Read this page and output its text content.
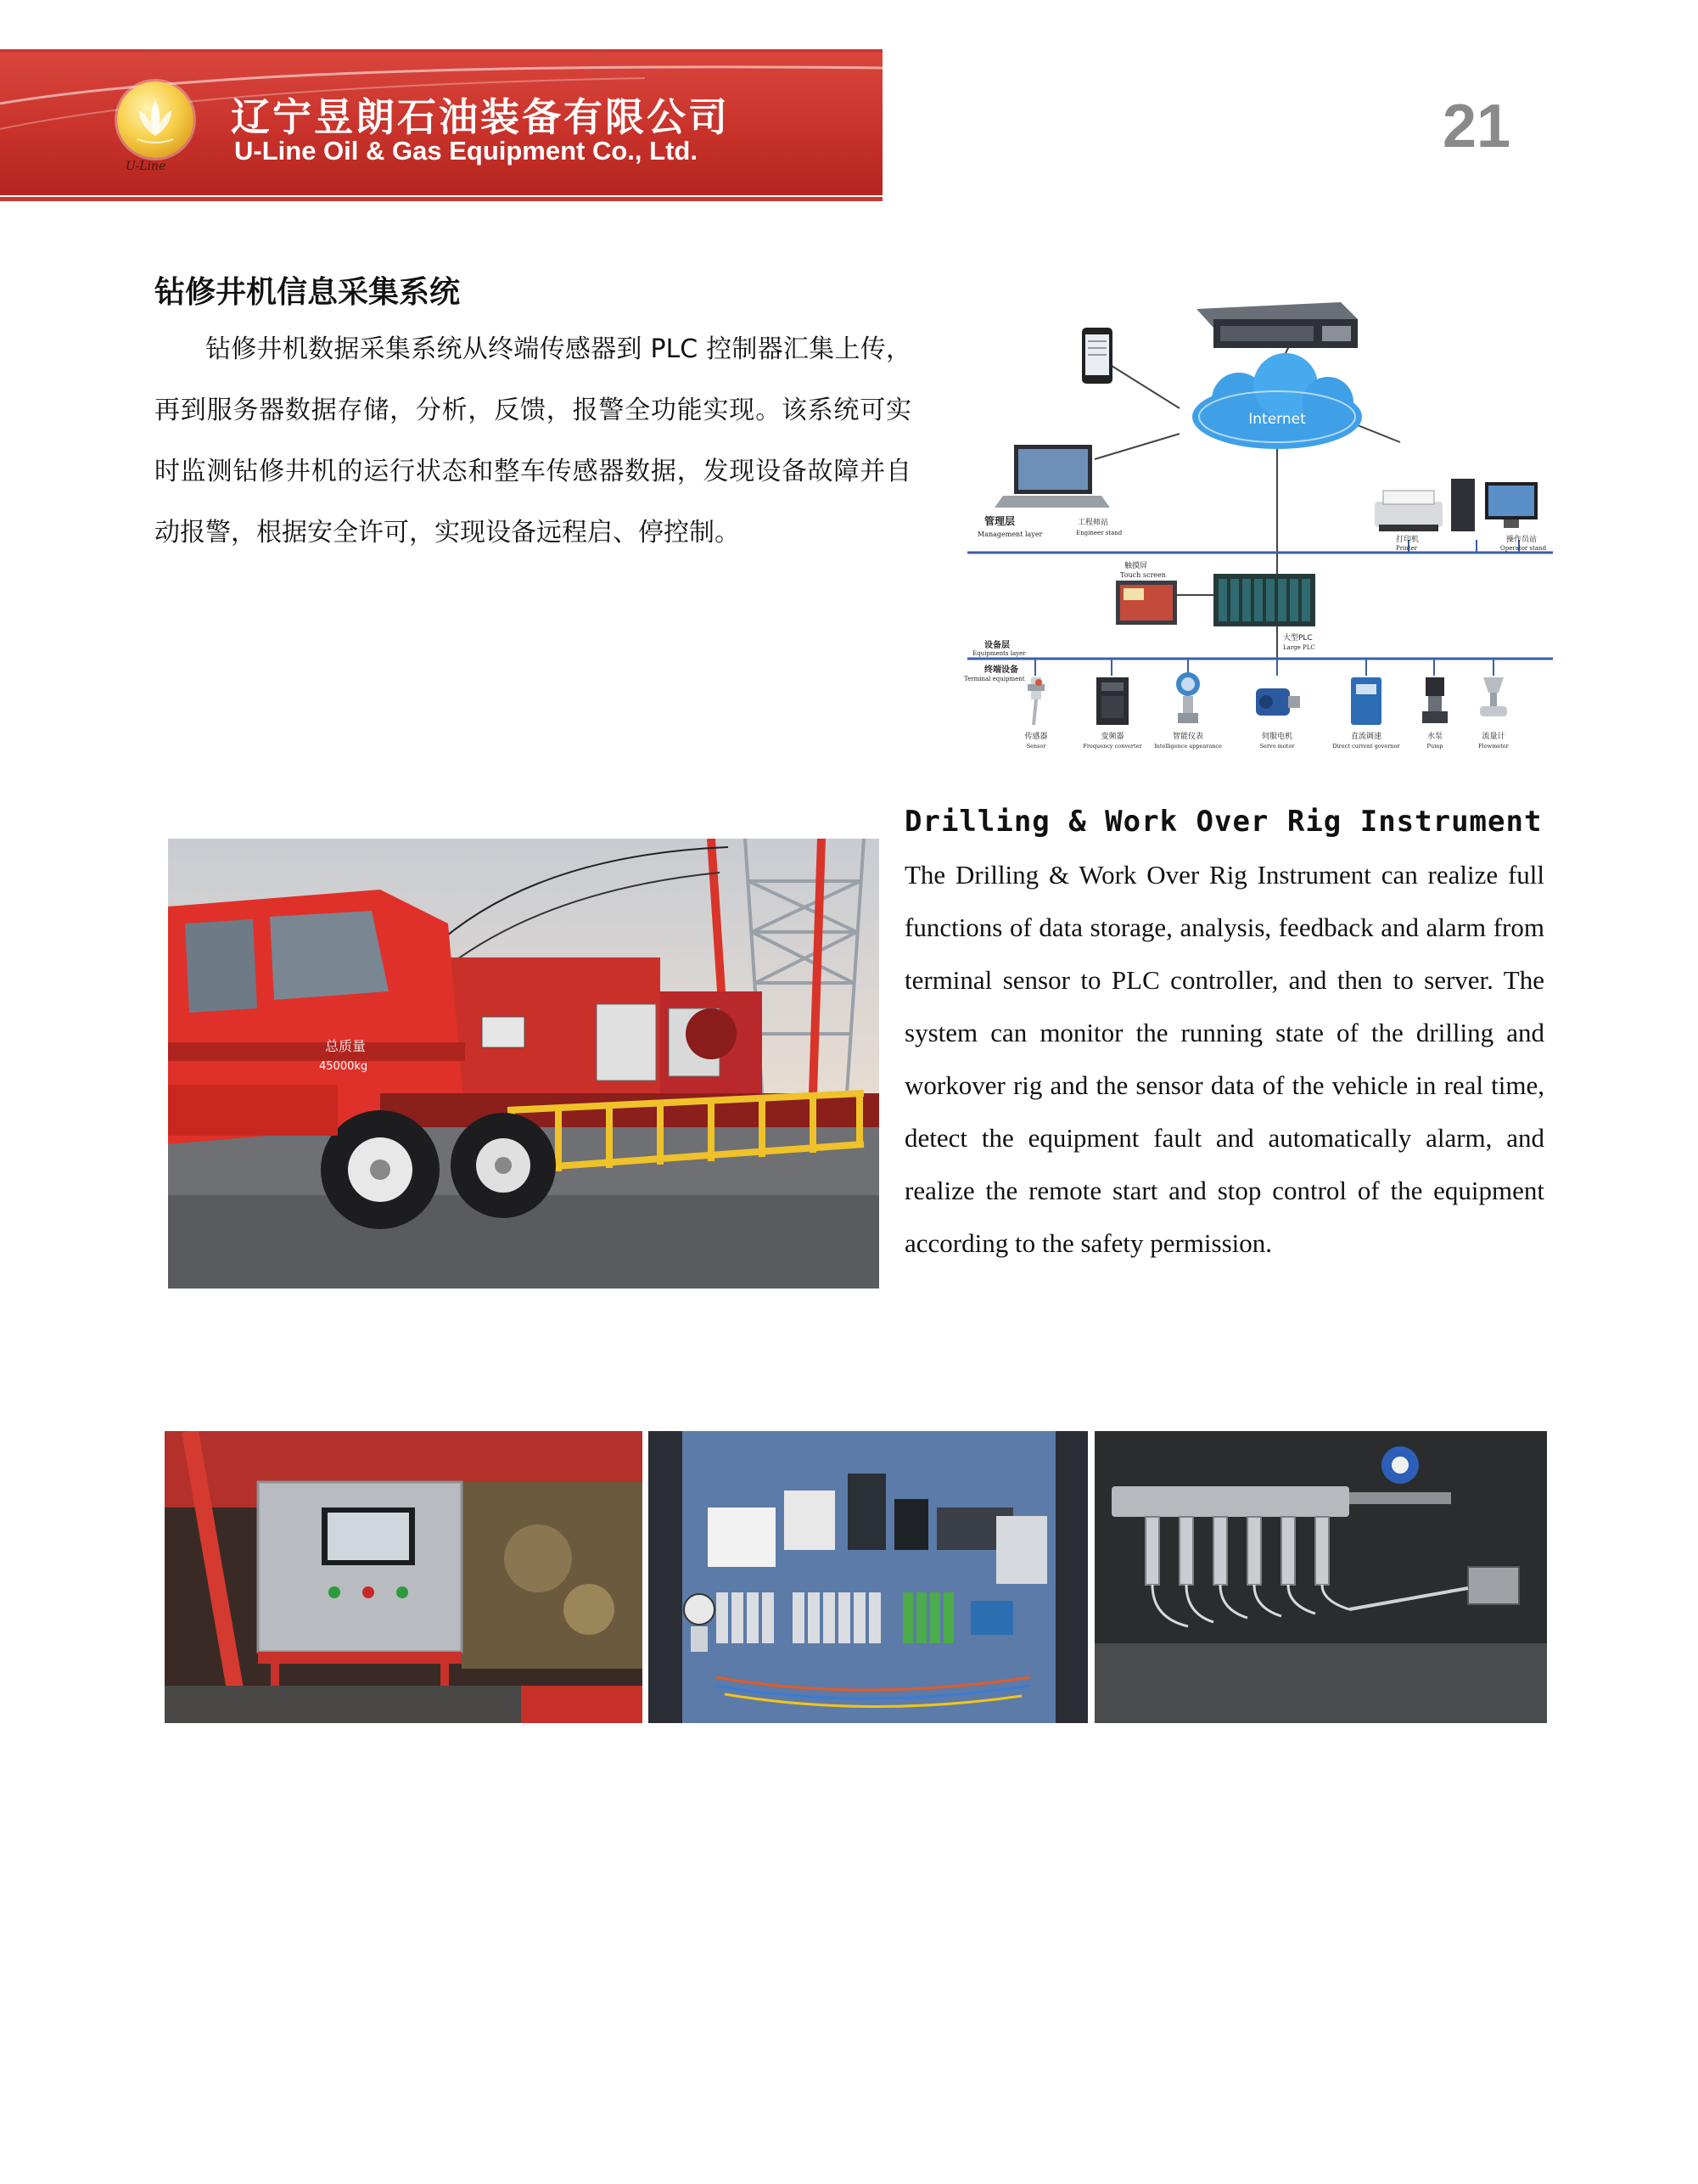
U-Line
辽宁昱朗石油装备有限公司
U-Line Oil & Gas Equipment Co., Ltd.	21
钻修井机信息采集系统

钻修井机数据采集系统从终端传感器到 PLC 控制器汇集上传，再到服务器数据存储，分析，反馈，报警全功能实现。该系统可实时监测钻修井机的运行状态和整车传感器数据，发现设备故障并自动报警，根据安全许可，实现设备远程启、停控制。

Internet
管理层
Management layer
工程师站
Engineer stand
打印机
Printer
操作员站
Operator stand
触摸屏
Touch screen
大型PLC
Large PLC
设备层
Equipments layer
终端设备
Terminal equipment
传感器	变频器	智能仪表	伺服电机	直流调速	水泵	流量计
Sensor	Frequency converter Intelligence appearance	Servo motor	Direct current governor	Pump	Flowmeter
Drilling & Work Over Rig Instrument

The Drilling & Work Over Rig Instrument can realize full functions of data storage, analysis, feedback and alarm from terminal sensor to PLC controller, and then to server. The system can monitor the running state of the drilling and workover rig and the sensor data of the vehicle in real time, detect the equipment fault and automatically alarm, and realize the remote start and stop control of the equipment according to the safety permission.

总质量
45000kg
